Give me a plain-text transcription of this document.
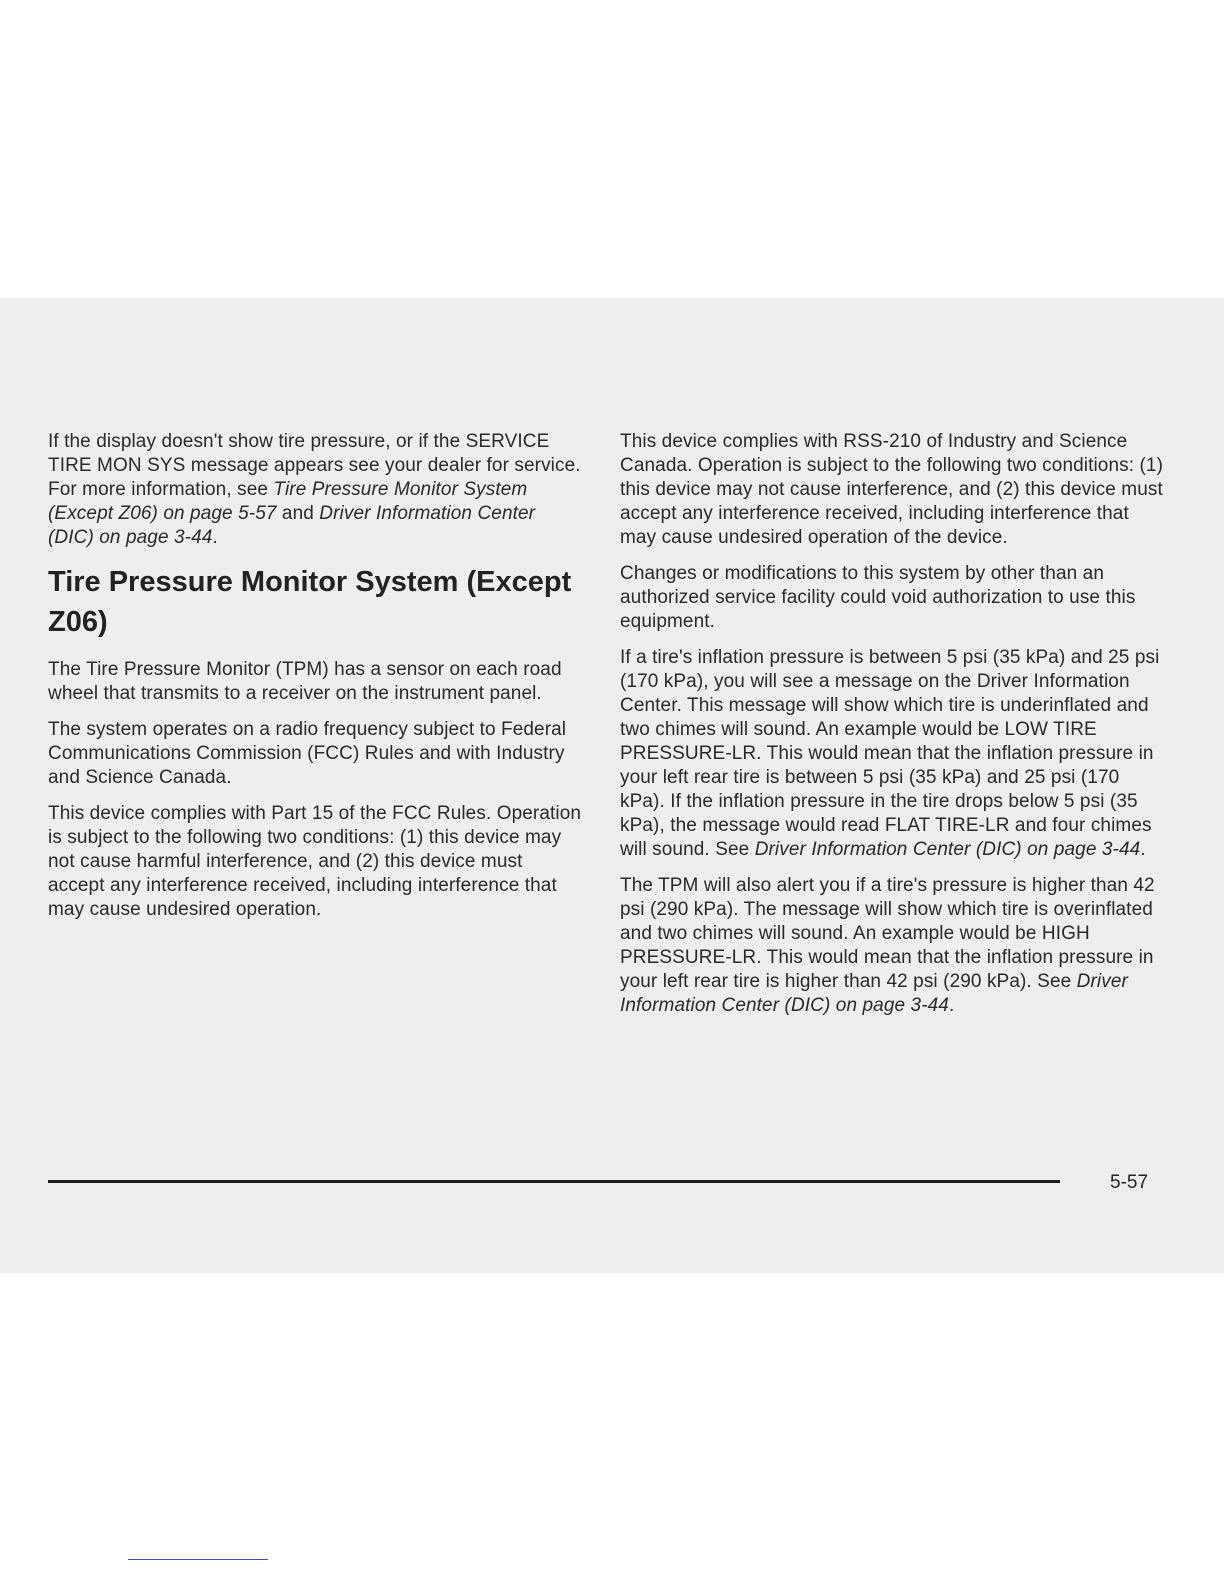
If the display doesn't show tire pressure, or if the SERVICE TIRE MON SYS message appears see your dealer for service. For more information, see Tire Pressure Monitor System (Except Z06) on page 5-57 and Driver Information Center (DIC) on page 3-44.

Tire Pressure Monitor System (Except Z06)

The Tire Pressure Monitor (TPM) has a sensor on each road wheel that transmits to a receiver on the instrument panel.

The system operates on a radio frequency subject to Federal Communications Commission (FCC) Rules and with Industry and Science Canada.

This device complies with Part 15 of the FCC Rules. Operation is subject to the following two conditions: (1) this device may not cause harmful interference, and (2) this device must accept any interference received, including interference that may cause undesired operation.

This device complies with RSS-210 of Industry and Science Canada. Operation is subject to the following two conditions: (1) this device may not cause interference, and (2) this device must accept any interference received, including interference that may cause undesired operation of the device.

Changes or modifications to this system by other than an authorized service facility could void authorization to use this equipment.

If a tire's inflation pressure is between 5 psi (35 kPa) and 25 psi (170 kPa), you will see a message on the Driver Information Center. This message will show which tire is underinflated and two chimes will sound. An example would be LOW TIRE PRESSURE-LR. This would mean that the inflation pressure in your left rear tire is between 5 psi (35 kPa) and 25 psi (170 kPa). If the inflation pressure in the tire drops below 5 psi (35 kPa), the message would read FLAT TIRE-LR and four chimes will sound. See Driver Information Center (DIC) on page 3-44.

The TPM will also alert you if a tire's pressure is higher than 42 psi (290 kPa). The message will show which tire is overinflated and two chimes will sound. An example would be HIGH PRESSURE-LR. This would mean that the inflation pressure in your left rear tire is higher than 42 psi (290 kPa). See Driver Information Center (DIC) on page 3-44.

5-57
